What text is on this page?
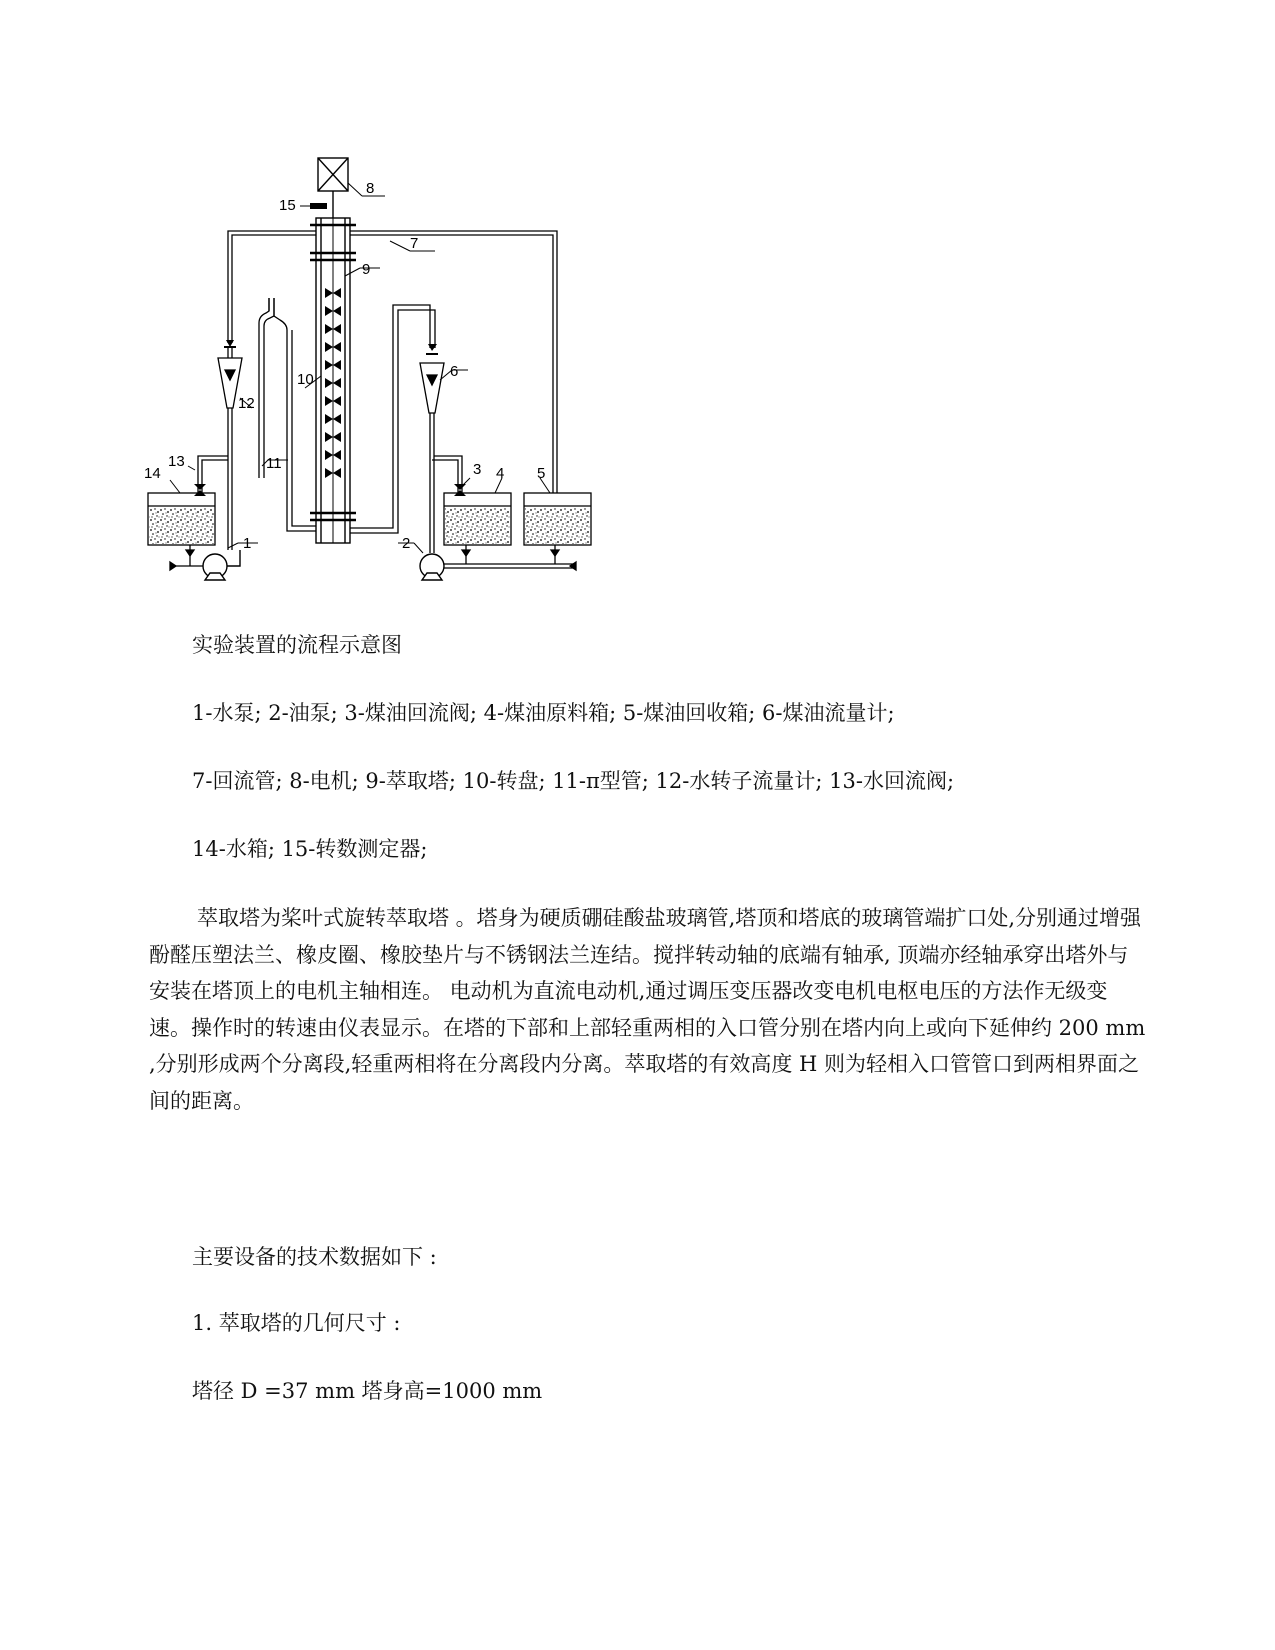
8
15
7
9
6
10
12
11
13
14	3 4 5
1	2
实验装置的流程示意图
1-水泵; 2-油泵; 3-煤油回流阀; 4-煤油原料箱; 5-煤油回收箱; 6-煤油流量计;
7-回流管; 8-电机; 9-萃取塔; 10-转盘; 11-π型管; 12-水转子流量计; 13-水回流阀;
14-水箱; 15-转数测定器;
萃取塔为桨叶式旋转萃取塔 。塔身为硬质硼硅酸盐玻璃管,塔顶和塔底的玻璃管端扩口处,分别通过增强酚醛压塑法兰、橡皮圈、橡胶垫片与不锈钢法兰连结。搅拌转动轴的底端有轴承, 顶端亦经轴承穿出塔外与安装在塔顶上的电机主轴相连。 电动机为直流电动机,通过调压变压器改变电机电枢电压的方法作无级变速。操作时的转速由仪表显示。在塔的下部和上部轻重两相的入口管分别在塔内向上或向下延伸约 200 mm ,分别形成两个分离段,轻重两相将在分离段内分离。萃取塔的有效高度 H 则为轻相入口管管口到两相界面之间的距离。
主要设备的技术数据如下 :
1. 萃取塔的几何尺寸 :
塔径 D =37 mm 塔身高=1000 mm
